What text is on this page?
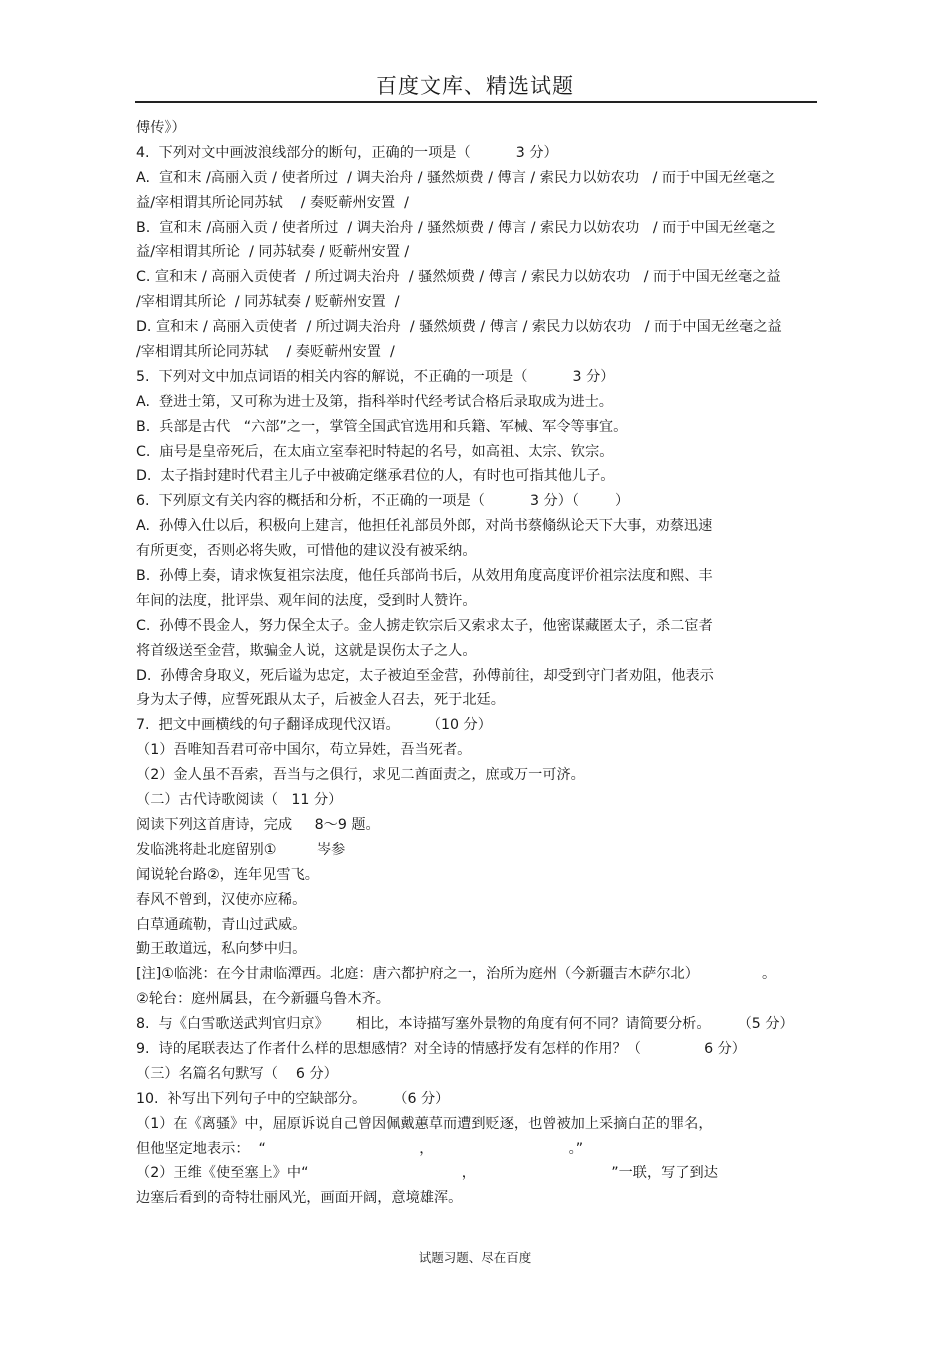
百度文库、精选试题
傅传》）
4.  下列对文中画波浪线部分的断句，正确的一项是（          3 分）
A.  宣和末 /高丽入贡 / 使者所过  / 调夫治舟 / 骚然烦费 / 傅言 / 索民力以妨农功   / 而于中国无丝毫之
益/宰相谓其所论同苏轼    / 奏贬蕲州安置  /
B.  宣和末 /高丽入贡 / 使者所过  / 调夫治舟 / 骚然烦费 / 傅言 / 索民力以妨农功   / 而于中国无丝毫之
益/宰相谓其所论  / 同苏轼奏 / 贬蕲州安置 /
C. 宣和末 / 高丽入贡使者  / 所过调夫治舟  / 骚然烦费 / 傅言 / 索民力以妨农功   / 而于中国无丝毫之益
/宰相谓其所论  / 同苏轼奏 / 贬蕲州安置  /
D. 宣和末 / 高丽入贡使者  / 所过调夫治舟  / 骚然烦费 / 傅言 / 索民力以妨农功   / 而于中国无丝毫之益
/宰相谓其所论同苏轼    / 奏贬蕲州安置  /
5.  下列对文中加点词语的相关内容的解说，不正确的一项是（          3 分）
A.  登进士第，又可称为进士及第，指科举时代经考试合格后录取成为进士。
B.  兵部是古代   “六部”之一，掌管全国武官选用和兵籍、军械、军令等事宜。
C.  庙号是皇帝死后，在太庙立室奉祀时特起的名号，如高祖、太宗、钦宗。
D.  太子指封建时代君主儿子中被确定继承君位的人，有时也可指其他儿子。
6.  下列原文有关内容的概括和分析，不正确的一项是（          3 分）（        ）
A.  孙傅入仕以后，积极向上建言，他担任礼部员外郎，对尚书蔡翛纵论天下大事，劝蔡迅速
有所更变，否则必将失败，可惜他的建议没有被采纳。
B.  孙傅上奏，请求恢复祖宗法度，他任兵部尚书后，从效用角度高度评价祖宗法度和熙、丰
年间的法度，批评祟、观年间的法度，受到时人赞许。
C.  孙傅不畏金人，努力保全太子。金人掳走钦宗后又索求太子，他密谋藏匿太子，杀二宦者
将首级送至金营，欺骗金人说，这就是误伤太子之人。
D.  孙傅舍身取义，死后谥为忠定，太子被迫至金营，孙傅前往，却受到守门者劝阻，他表示
身为太子傅，应誓死跟从太子，后被金人召去，死于北廷。
7.  把文中画横线的句子翻译成现代汉语。      （10 分）
（1）吾唯知吾君可帝中国尔，苟立异姓，吾当死者。
（2）金人虽不吾索，吾当与之俱行，求见二酋面责之，庶或万一可济。
（二）古代诗歌阅读（   11 分）
阅读下列这首唐诗，完成     8～9 题。
发临洮将赴北庭留别①         岑参
闻说轮台路②，连年见雪飞。
春风不曾到，汉使亦应稀。
白草通疏勒，青山过武威。
勤王敢道远，私向梦中归。
[注]①临洮：在今甘肃临潭西。北庭：唐六都护府之一，治所为庭州（今新疆吉木萨尔北）              。
②轮台：庭州属县，在今新疆乌鲁木齐。
8.  与《白雪歌送武判官归京》      相比，本诗描写塞外景物的角度有何不同？请简要分析。      （5 分）
9.  诗的尾联表达了作者什么样的思想感情？对全诗的情感抒发有怎样的作用？（              6 分）
（三）名篇名句默写（    6 分）
10.  补写出下列句子中的空缺部分。      （6 分）
（1）在《离骚》中，屈原诉说自己曾因佩戴蕙草而遭到贬逐，也曾被加上采摘白芷的罪名，
但他坚定地表示：  “                                  ，                              。”
（2）王维《使至塞上》中“                                  ，                              ”一联，写了到达
边塞后看到的奇特壮丽风光，画面开阔，意境雄浑。
试题习题、尽在百度
